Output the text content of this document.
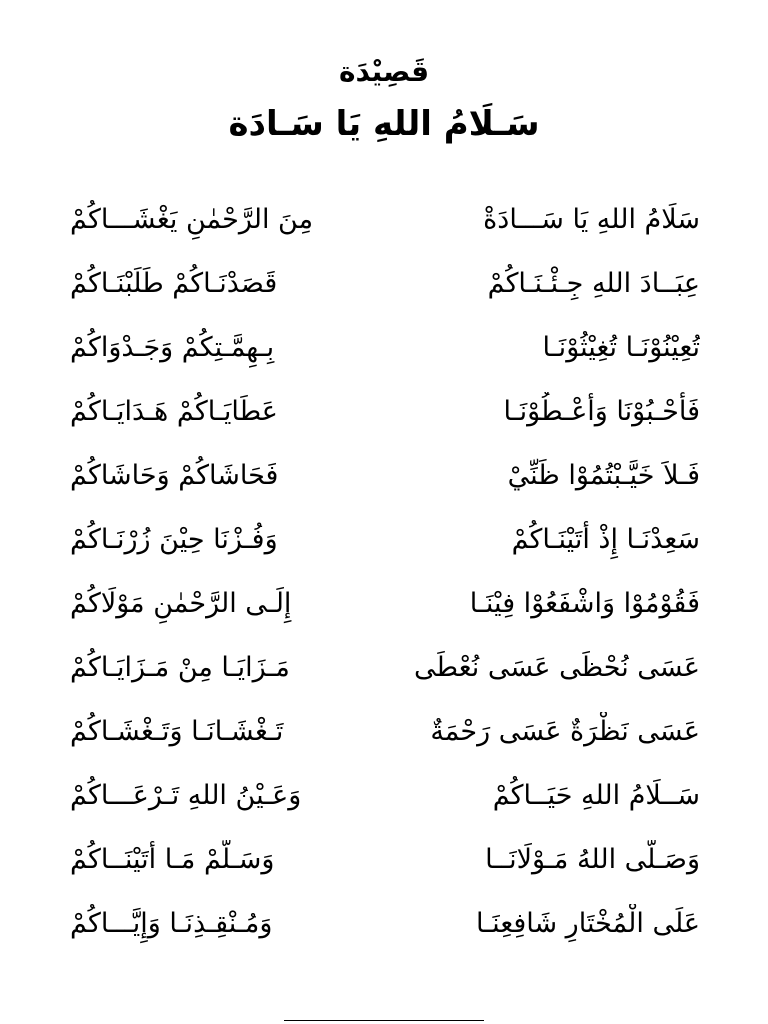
قَصِيْدَة
سَـلَامُ اللهِ يَا سَـادَة
سَلَامُ اللهِ يَا سَـــادَةْ
مِنَ الرَّحْمٰنِ يَغْشَـــاكُمْ
عِبَــادَ اللهِ جِـئْـنَـاكُمْ
قَصَدْنَـاكُمْ طَلَبْنَـاكُمْ
تُعِيْنُوْنَـا تُغِيْثُوْنَـا
بِـهِمَّـتِكُمْ وَجَـدْوَاكُمْ
فَأَحْـبُوْنَا وَأَعْـطُوْنَـا
عَطَايَـاكُمْ هَـدَايَـاكُمْ
فَـلاَ خَيَّـبْتُمُوْا ظَنِّيْ
فَحَاشَاكُمْ وَحَاشَاكُمْ
سَعِدْنَـا إِذْ أَتَيْنَـاكُمْ
وَفُـزْنَا حِيْنَ زُرْنَـاكُمْ
فَقُوْمُوْا وَاشْفَعُوْا فِيْنَـا
إِلَـى الرَّحْمٰنِ مَوْلَاكُمْ
عَسَى نُحْظَى عَسَى نُعْطَى
مَـزَايَـا مِنْ مَـزَايَـاكُمْ
عَسَى نَظْرَةٌ عَسَى رَحْمَةٌ
تَـغْشَـانَـا وَتَـغْشَـاكُمْ
سَــلَامُ اللهِ حَيَــاكُمْ
وَعَـيْنُ اللهِ تَـرْعَـــاكُمْ
وَصَـلَّى اللهُ مَـوْلَانَــا
وَسَـلَّمْ مَـا أَتَيْنَــاكُمْ
عَلَى الْمُخْتَارِ شَافِعِنَـا
وَمُـنْقِـذِنَـا وَإِيَّـــاكُمْ
